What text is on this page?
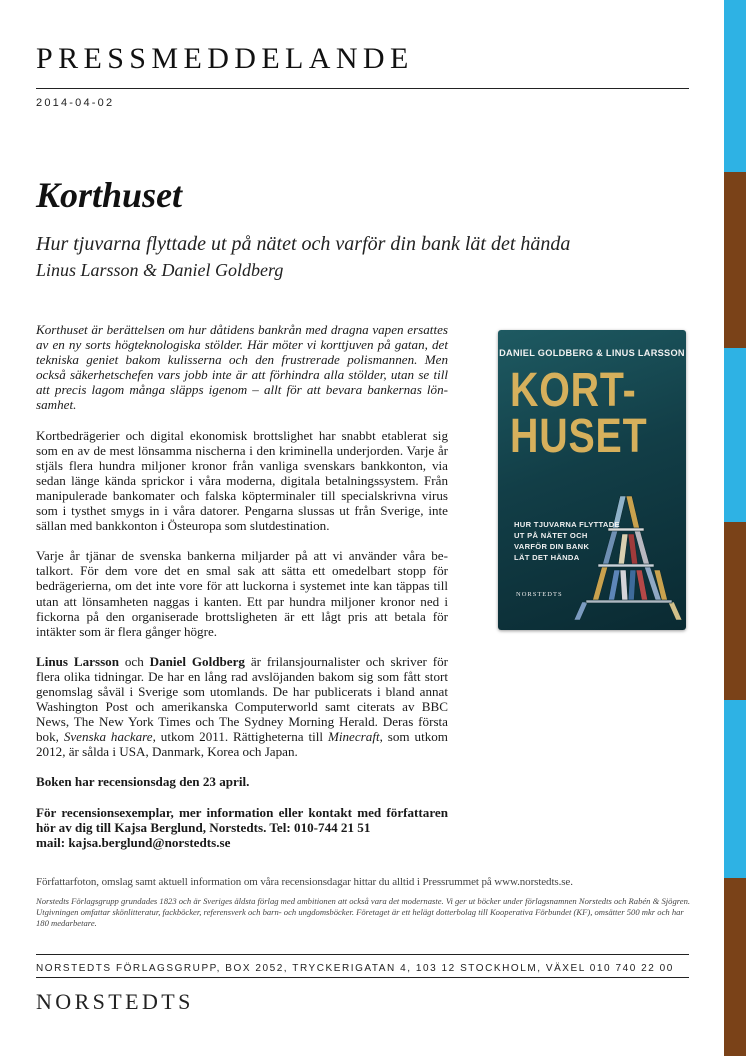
PRESSMEDDELANDE
2014-04-02
Korthuset
Hur tjuvarna flyttade ut på nätet och varför din bank lät det hända
Linus Larsson & Daniel Goldberg

Korthuset är berättelsen om hur dåtidens bankrån med dragna vapen ersattes av en ny sorts högteknologiska stölder. Här möter vi korttjuven på gatan, det tekniska geniet bakom kulisserna och den frustrerade polismannen. Men också säkerhetschefen vars jobb inte är att förhindra alla stölder, utan se till att precis lagom många släpps igenom – allt för att bevara bankernas lönsamhet.

Kortbedrägerier och digital ekonomisk brottslighet har snabbt etablerat sig som en av de mest lönsamma nischerna i den kriminella underjorden. Varje år stjäls flera hundra miljoner kronor från vanliga svenskars bankkonton, via sedan länge kända sprickor i våra moderna, digitala betalningssystem. Från manipulerade bankomater och falska köpterminaler till specialskrivna virus som i tysthet smygs in i våra datorer. Pengarna slussas ut från Sverige, inte sällan med bankkonton i Östeuropa som slutdestination.

Varje år tjänar de svenska bankerna miljarder på att vi använder våra betalkort. För dem vore det en smal sak att sätta ett omedelbart stopp för bedrägerierna, om det inte vore för att luckorna i systemet inte kan täppas till utan att lönsamheten naggas i kanten. Ett par hundra miljoner kronor ned i fickorna på den organiserade brottsligheten är ett lågt pris att betala för intäkter som är flera gånger högre.

Linus Larsson och Daniel Goldberg är frilansjournalister och skriver för flera olika tidningar. De har en lång rad avslöjanden bakom sig som fått stort genomslag såväl i Sverige som utomlands. De har publicerats i bland annat Washington Post och amerikanska Computerworld samt citerats av BBC News, The New York Times och The Sydney Morning Herald. Deras första bok, Svenska hackare, utkom 2011. Rättigheterna till Minecraft, som utkom 2012, är sålda i USA, Danmark, Korea och Japan.

Boken har recensionsdag den 23 april.

För recensionsexemplar, mer information eller kontakt med författaren hör av dig till Kajsa Berglund, Norstedts. Tel: 010-744 21 51
mail: kajsa.berglund@norstedts.se

DANIEL GOLDBERG & LINUS LARSSON
KORT-
HUSET
HUR TJUVARNA FLYTTADE
UT PÅ NÄTET OCH
VARFÖR DIN BANK
LÄT DET HÄNDA
NORSTEDTS
Författarfoton, omslag samt aktuell information om våra recensionsdagar hittar du alltid i Pressrummet på www.norstedts.se.
Norstedts Förlagsgrupp grundades 1823 och är Sveriges äldsta förlag med ambitionen att också vara det modernaste. Vi ger ut böcker under förlagsnamnen Norstedts och Rabén & Sjögren. Utgivningen omfattar skönlitteratur, fackböcker, referensverk och barn- och ungdomsböcker. Företaget är ett helägt dotterbolag till Kooperativa Förbundet (KF), omsätter 500 mkr och har 180 medarbetare.
NORSTEDTS FÖRLAGSGRUPP, BOX 2052, TRYCKERIGATAN 4, 103 12 STOCKHOLM, VÄXEL 010 740 22 00
NORSTEDTS
